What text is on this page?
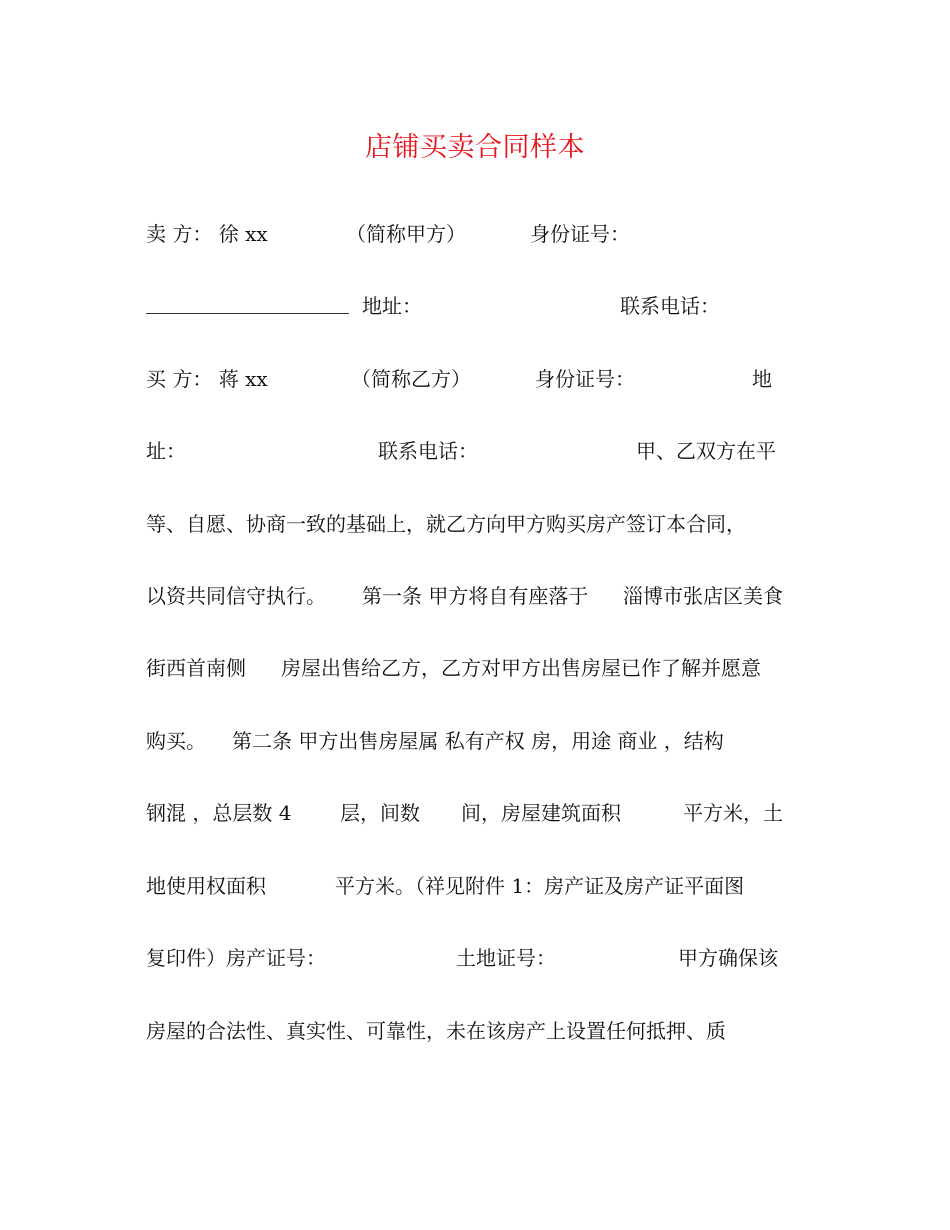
店铺买卖合同样本
卖 方： 徐 xx	（简称甲方）	身份证号：
地址：	联系电话：
买 方： 蒋 xx	（简称乙方）	身份证号：	地
址：	联系电话：	甲、乙双方在平
等、自愿、协商一致的基础上，就乙方向甲方购买房产签订本合同，
以资共同信守执行。 第一条 甲方将自有座落于 淄博市张店区美食
街西首南侧 房屋出售给乙方，乙方对甲方出售房屋已作了解并愿意
购买。 第二条 甲方出售房屋属 私有产权 房，用途 商业 ，结构
钢混 ，总层数 4 层，间数 间，房屋建筑面积	平方米，土
地使用权面积	平方米。（祥见附件 1：房产证及房产证平面图
复印件）房产证号：	土地证号：	甲方确保该
房屋的合法性、真实性、可靠性，未在该房产上设置任何抵押、质
